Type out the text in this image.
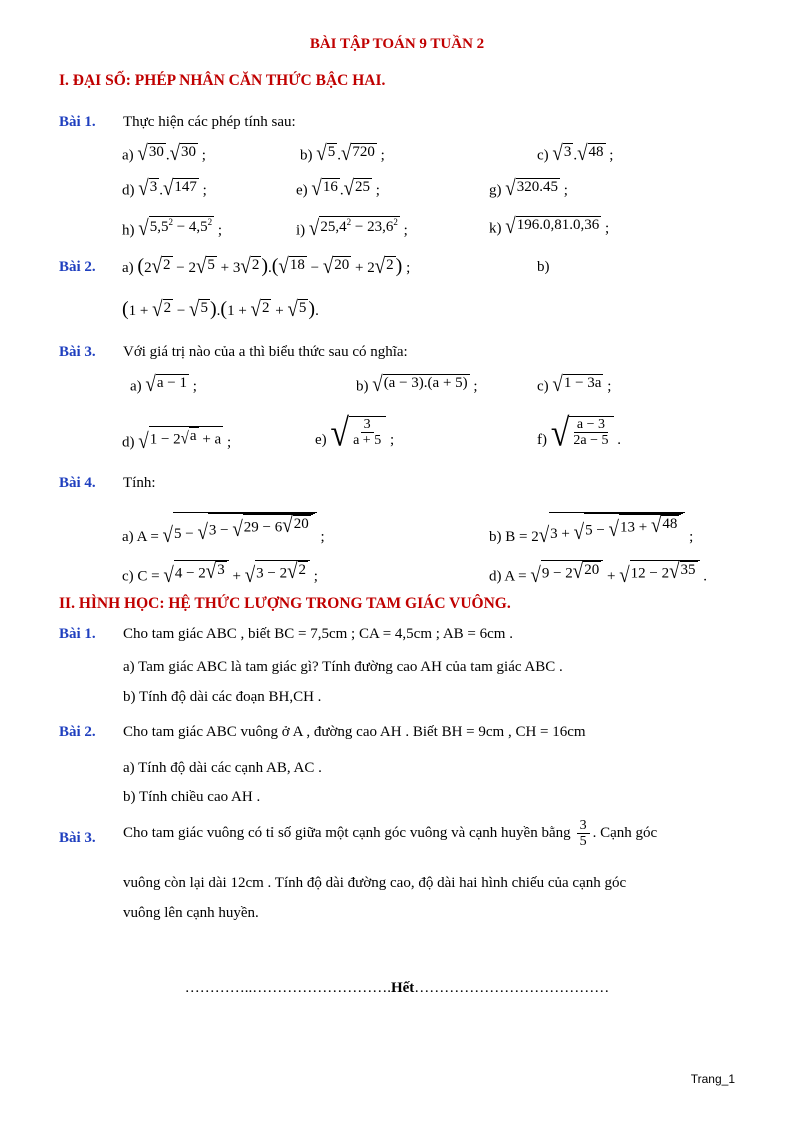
BÀI TẬP TOÁN 9 TUẦN 2
I. ĐẠI SỐ: PHÉP NHÂN CĂN THỨC BẬC HAI.
Bài 1. Thực hiện các phép tính sau:
a) √ 30 . √ 30 ;	b) √ 5 . √ 720 ;	c) √ 3 . √ 48 ;
d) √ 3 . √ 147 ;	e) √ 16 . √ 25 ;	g) √ 320.45 ;
h) √ $5,5^2 - 4,5^2$
;	i) √ $25,4^2 - 23,6^2$
;	k) √ 196.0,81.0,36 ;
Bài 2. a) (2 √ 2 − 2 √ 5 + 3 √ 2 ).( √ 18 − √ 20 + 2 √ 2 ) ;	b)
(1 + √ 2 − √ 5 ).(1 + √ 2 + √ 5 ).
Bài 3. Với giá trị nào của a thì biểu thức sau có nghĩa:
a) √ a − 1 ;	b) √ (a − 3).(a + 5) ;	c) √ 1 − 3a ;
d) √ 1 − 2 √ a + a ;	e) √ $\frac{3}{a + 5}$ ;	f) √ $\frac{a - 3}{2a - 5}$ .
Bài 4. Tính:
a) A = √ 5 − √ 3 − √ 29 − 6 √ 20
;	b) B = 2 √ 3 + √ 5 − √ 13 + √ 48
;
c) C = √ 4 − 2 √ 3 + √ 3 − 2 √ 2 ;	d) A = √ 9 − 2 √ 20 + √ 12 − 2 √ 35 .
II. HÌNH HỌC: HỆ THỨC LƯỢNG TRONG TAM GIÁC VUÔNG.
Bài 1. Cho tam giác ABC , biết BC = 7,5cm ; CA = 4,5cm ; AB = 6cm .
a) Tam giác ABC là tam giác gì? Tính đường cao AH của tam giác ABC .
b) Tính độ dài các đoạn BH,CH .
Bài 2. Cho tam giác ABC vuông ở A , đường cao AH . Biết BH = 9cm , CH = 16cm
a) Tính độ dài các cạnh AB, AC .
b) Tính chiều cao AH .
Bài 3. Cho tam giác vuông có tỉ số giữa một cạnh góc vuông và cạnh huyền bằng $\frac{3}{5}$ . Cạnh góc
vuông còn lại dài 12cm . Tính độ dài đường cao, độ dài hai hình chiếu của cạnh góc
vuông lên cạnh huyền.
…………..……………………….Hết…………………………………
Trang_1
